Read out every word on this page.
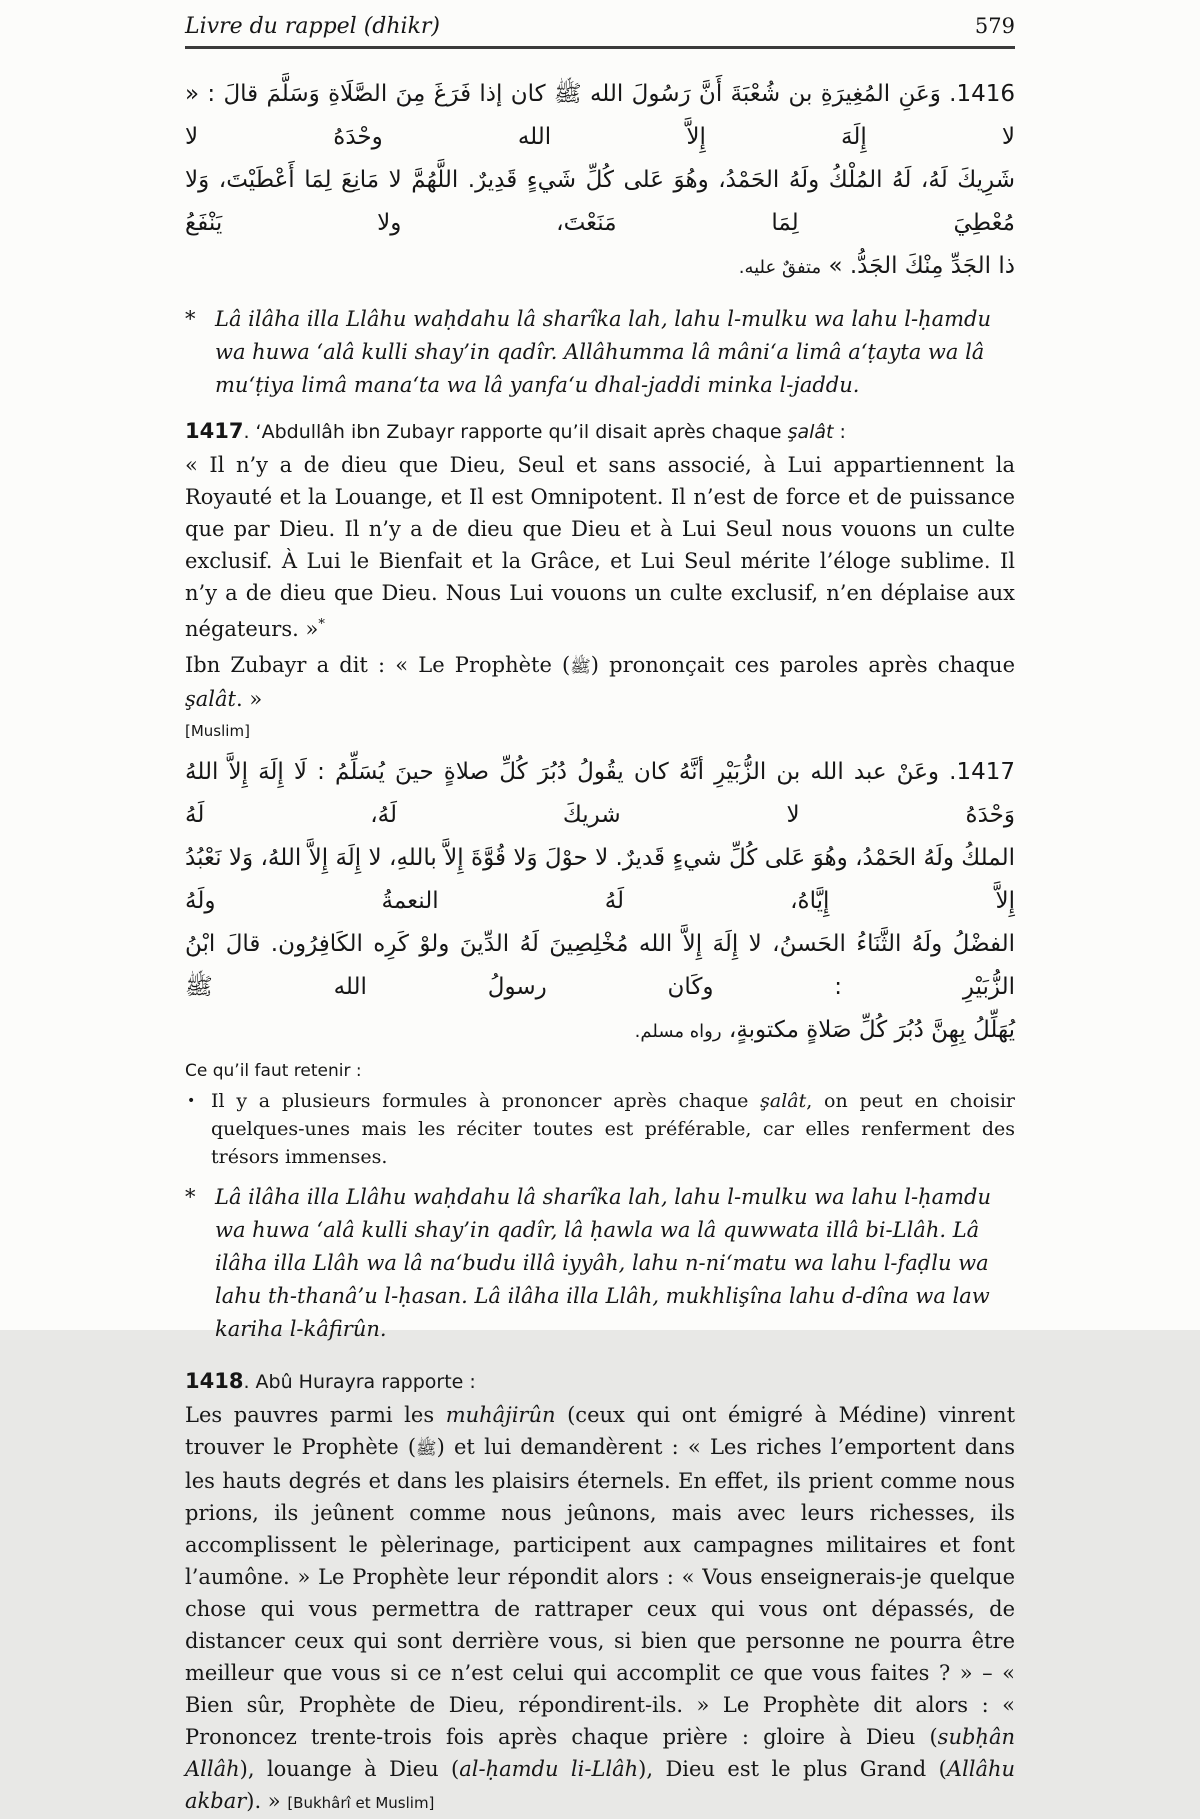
Livre du rappel (dhikr)	579
1416. وَعَنِ المُغِيرَةِ بن شُعْبَةَ أَنَّ رَسُولَ الله ﷺ كان إذا فَرَغَ مِنَ الصَّلَاةِ وَسَلَّمَ قالَ : « لا إِلَهَ إِلاَّ الله وحْدَهُ لا
شَرِيكَ لَهُ، لَهُ المُلْكُ ولَهُ الحَمْدُ، وهُوَ عَلى كُلِّ شَيءٍ قَدِيرٌ. اللَّهُمَّ لا مَانِعَ لِمَا أَعْطَيْتَ، وَلا مُعْطِيَ لِمَا مَنَعْتَ، ولا يَنْفَعُ
ذا الجَدِّ مِنْكَ الجَدُّ. » متفقٌ عليه.
* Lâ ilâha illa Llâhu waḥdahu lâ sharîka lah, lahu l-mulku wa lahu l-ḥamdu wa huwa ‘alâ kulli shay’in qadîr. Allâhumma lâ mâni‘a limâ a‘ṭayta wa lâ mu‘ṭiya limâ mana‘ta wa lâ yanfa‘u dhal-jaddi minka l-jaddu.

1417. ‘Abdullâh ibn Zubayr rapporte qu’il disait après chaque şalât :

« Il n’y a de dieu que Dieu, Seul et sans associé, à Lui appartiennent la Royauté et la Louange, et Il est Omnipotent. Il n’est de force et de puissance que par Dieu. Il n’y a de dieu que Dieu et à Lui Seul nous vouons un culte exclusif. À Lui le Bienfait et la Grâce, et Lui Seul mérite l’éloge sublime. Il n’y a de dieu que Dieu. Nous Lui vouons un culte exclusif, n’en déplaise aux négateurs. »*

Ibn Zubayr a dit : « Le Prophète (ﷺ) prononçait ces paroles après chaque şalât. »

[Muslim]

1417. وعَنْ عبد الله بن الزُّبَيْرِ أنَّهُ كان يقُولُ دُبُرَ كُلِّ صلاةٍ حينَ يُسَلِّمُ : لَا إِلَهَ إِلاَّ اللهُ وَحْدَهُ لا شريكَ لَهُ، لَهُ
الملكُ ولَهُ الحَمْدُ، وهُوَ عَلى كُلِّ شيءٍ قَديرٌ. لا حوْلَ وَلا قُوَّةَ إِلاَّ باللهِ، لا إِلَهَ إِلاَّ اللهُ، وَلا نَعْبُدُ إِلاَّ إِيَّاهُ، لَهُ النعمةُ ولَهُ
الفضْلُ ولَهُ الثَّنَاءُ الحَسنُ، لا إِلَهَ إِلاَّ الله مُخْلِصِينَ لَهُ الدِّينَ ولوْ كَرِه الكَافِرُون. قالَ ابْنُ الزُّبَيْرِ : وكَان رسولُ الله ﷺ
يُهَلِّلُ بِهِنَّ دُبُرَ كُلِّ صَلاةٍ مكتوبةٍ، رواه مسلم.

Ce qu’il faut retenir :

• Il y a plusieurs formules à prononcer après chaque şalât, on peut en choisir quelques-unes mais les réciter toutes est préférable, car elles renferment des trésors immenses.

* Lâ ilâha illa Llâhu waḥdahu lâ sharîka lah, lahu l-mulku wa lahu l-ḥamdu wa huwa ‘alâ kulli shay’in qadîr, lâ ḥawla wa lâ quwwata illâ bi-Llâh. Lâ ilâha illa Llâh wa lâ na‘budu illâ iyyâh, lahu n-ni‘matu wa lahu l-faḍlu wa lahu th-thanâ’u l-ḥasan. Lâ ilâha illa Llâh, mukhlişîna lahu d-dîna wa law kariha l-kâfirûn.

1418. Abû Hurayra rapporte :

Les pauvres parmi les muhâjirûn (ceux qui ont émigré à Médine) vinrent trouver le Prophète (ﷺ) et lui demandèrent : « Les riches l’emportent dans les hauts degrés et dans les plaisirs éternels. En effet, ils prient comme nous prions, ils jeûnent comme nous jeûnons, mais avec leurs richesses, ils accomplissent le pèlerinage, participent aux campagnes militaires et font l’aumône. » Le Prophète leur répondit alors : « Vous enseignerais-je quelque chose qui vous permettra de rattraper ceux qui vous ont dépassés, de distancer ceux qui sont derrière vous, si bien que personne ne pourra être meilleur que vous si ce n’est celui qui accomplit ce que vous faites ? » – « Bien sûr, Prophète de Dieu, répondirent-ils. » Le Prophète dit alors : « Prononcez trente-trois fois après chaque prière : gloire à Dieu (subḥân Allâh), louange à Dieu (al-ḥamdu li-Llâh), Dieu est le plus Grand (Allâhu akbar). » [Bukhârî et Muslim]
